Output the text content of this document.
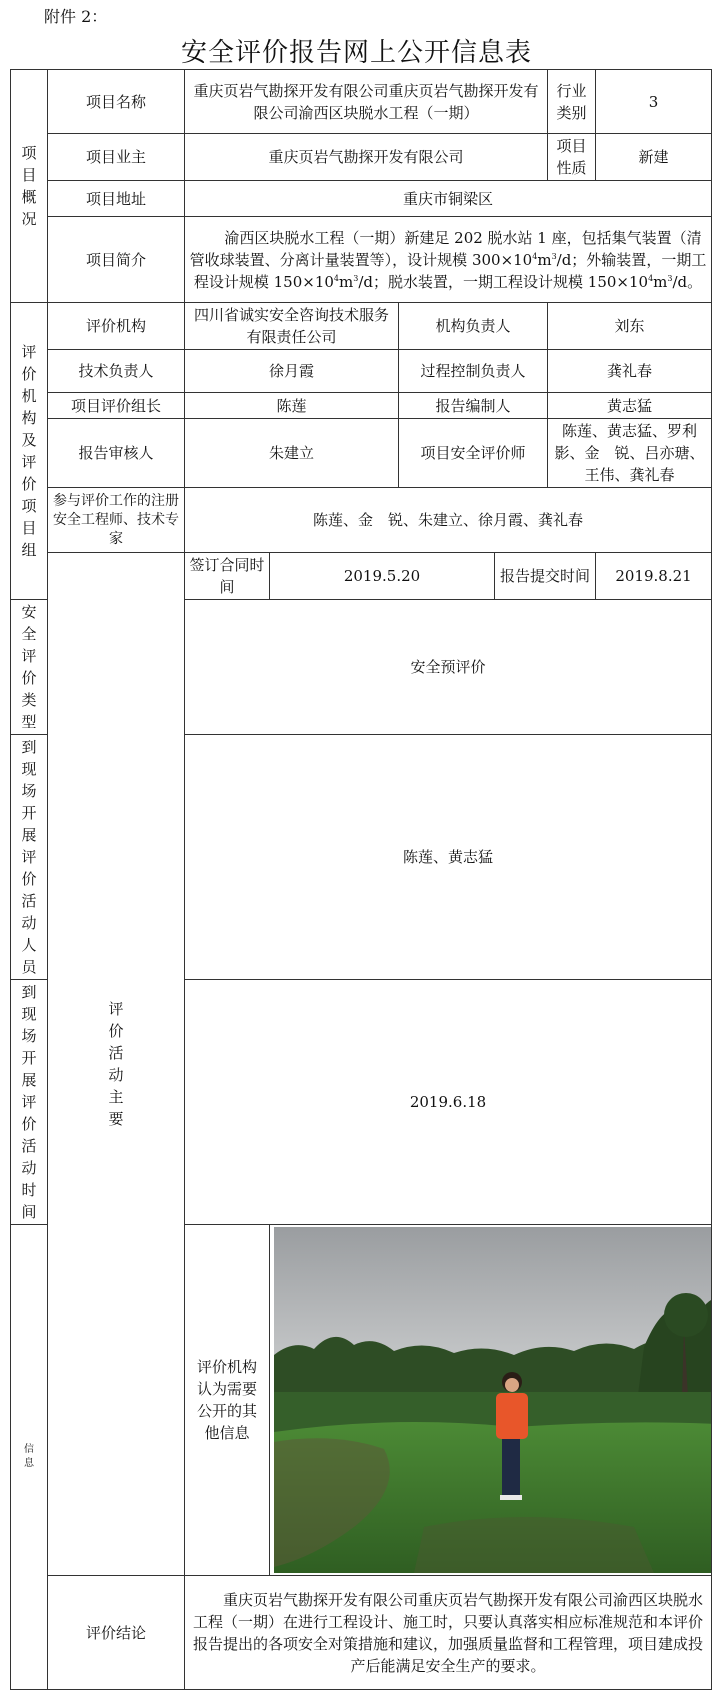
附件 2：
安全评价报告网上公开信息表
项目概况	项目名称	重庆页岩气勘探开发有限公司重庆页岩气勘探开发有限公司渝西区块脱水工程（一期）				行业类别	3
	项目业主	重庆页岩气勘探开发有限公司				项目性质	新建
	项目地址	重庆市铜梁区					
	项目简介	渝西区块脱水工程（一期）新建足 202 脱水站 1 座，包括集气装置（清管收球装置、分离计量装置等），设计规模 $300\times 10^4m^3/d$；外输装置，一期工程设计规模 $150\times 10^4m^3/d$；脱水装置，一期工程设计规模 $150\times 10^4m^3/d$。					

评价机构及评价项目组	评价机构	四川省诚实安全咨询技术服务有限责任公司		机构负责人		刘东	
	技术负责人	徐月霞		过程控制负责人		龚礼春	
	项目评价组长	陈莲		报告编制人		黄志猛	
	报告审核人	朱建立		项目安全评价师		陈莲、黄志猛、罗利影、金　锐、吕亦瑭、王伟、龚礼春	
	参与评价工作的注册安全工程师、技术专家	陈莲、金　锐、朱建立、徐月霞、龚礼春					

	评价活动主要	签订合同时间	2019.5.20		报告提交时间		2019.8.21
安全评价类型		安全预评价					
到现场开展评价活动人员		陈莲、黄志猛					
到现场开展评价活动时间		2019.6.18					

信息		评价机构认为需要公开的其他信息	

	评价结论	重庆页岩气勘探开发有限公司重庆页岩气勘探开发有限公司渝西区块脱水工程（一期）在进行工程设计、施工时，只要认真落实相应标准规范和本评价报告提出的各项安全对策措施和建议，加强质量监督和工程管理，项目建成投产后能满足安全生产的要求。					
